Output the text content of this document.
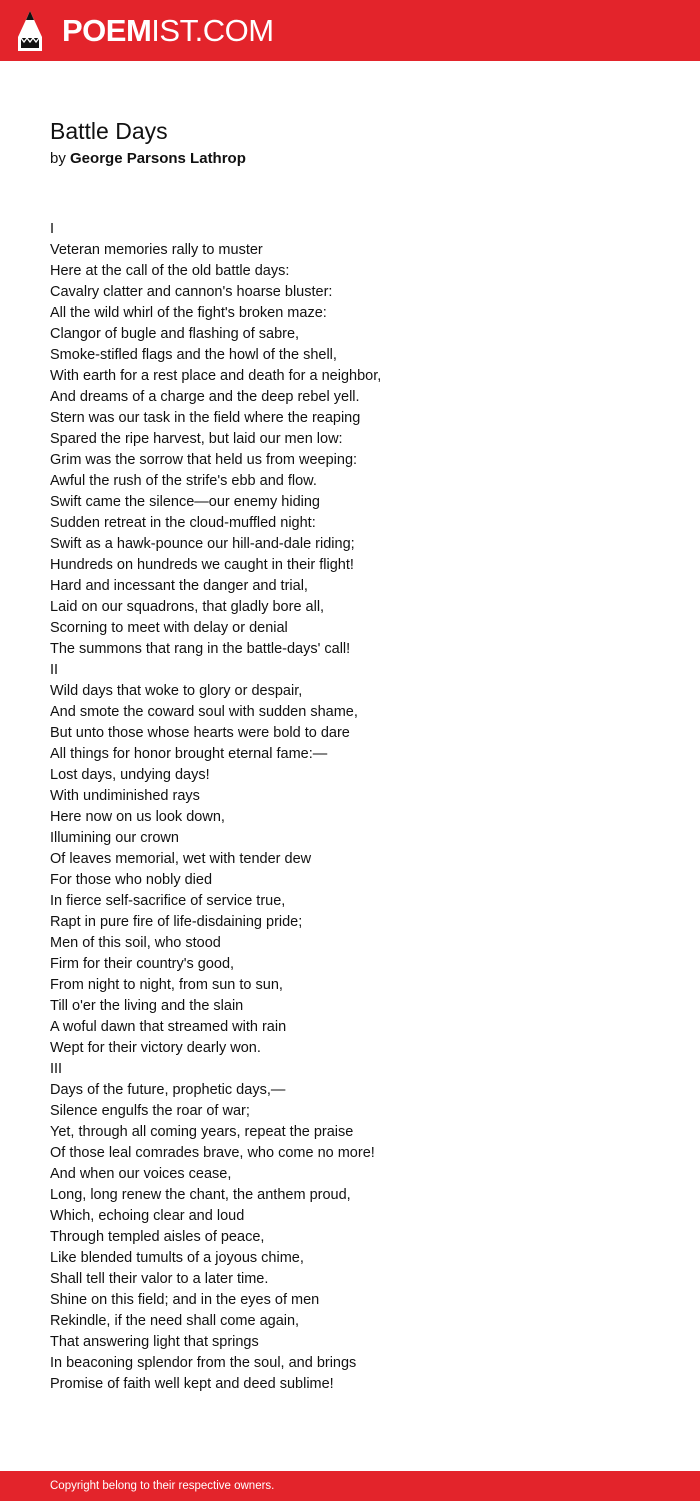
POEMIST.COM
Battle Days
by George Parsons Lathrop
I
Veteran memories rally to muster
Here at the call of the old battle days:
Cavalry clatter and cannon's hoarse bluster:
All the wild whirl of the fight's broken maze:
Clangor of bugle and flashing of sabre,
Smoke-stifled flags and the howl of the shell,
With earth for a rest place and death for a neighbor,
And dreams of a charge and the deep rebel yell.
Stern was our task in the field where the reaping
Spared the ripe harvest, but laid our men low:
Grim was the sorrow that held us from weeping:
Awful the rush of the strife's ebb and flow.
Swift came the silence—our enemy hiding
Sudden retreat in the cloud-muffled night:
Swift as a hawk-pounce our hill-and-dale riding;
Hundreds on hundreds we caught in their flight!
Hard and incessant the danger and trial,
Laid on our squadrons, that gladly bore all,
Scorning to meet with delay or denial
The summons that rang in the battle-days' call!
II
Wild days that woke to glory or despair,
And smote the coward soul with sudden shame,
But unto those whose hearts were bold to dare
All things for honor brought eternal fame:—
Lost days, undying days!
With undiminished rays
Here now on us look down,
Illumining our crown
Of leaves memorial, wet with tender dew
For those who nobly died
In fierce self-sacrifice of service true,
Rapt in pure fire of life-disdaining pride;
Men of this soil, who stood
Firm for their country's good,
From night to night, from sun to sun,
Till o'er the living and the slain
A woful dawn that streamed with rain
Wept for their victory dearly won.
III
Days of the future, prophetic days,—
Silence engulfs the roar of war;
Yet, through all coming years, repeat the praise
Of those leal comrades brave, who come no more!
And when our voices cease,
Long, long renew the chant, the anthem proud,
Which, echoing clear and loud
Through templed aisles of peace,
Like blended tumults of a joyous chime,
Shall tell their valor to a later time.
Shine on this field; and in the eyes of men
Rekindle, if the need shall come again,
That answering light that springs
In beaconing splendor from the soul, and brings
Promise of faith well kept and deed sublime!
Copyright belong to their respective owners.
